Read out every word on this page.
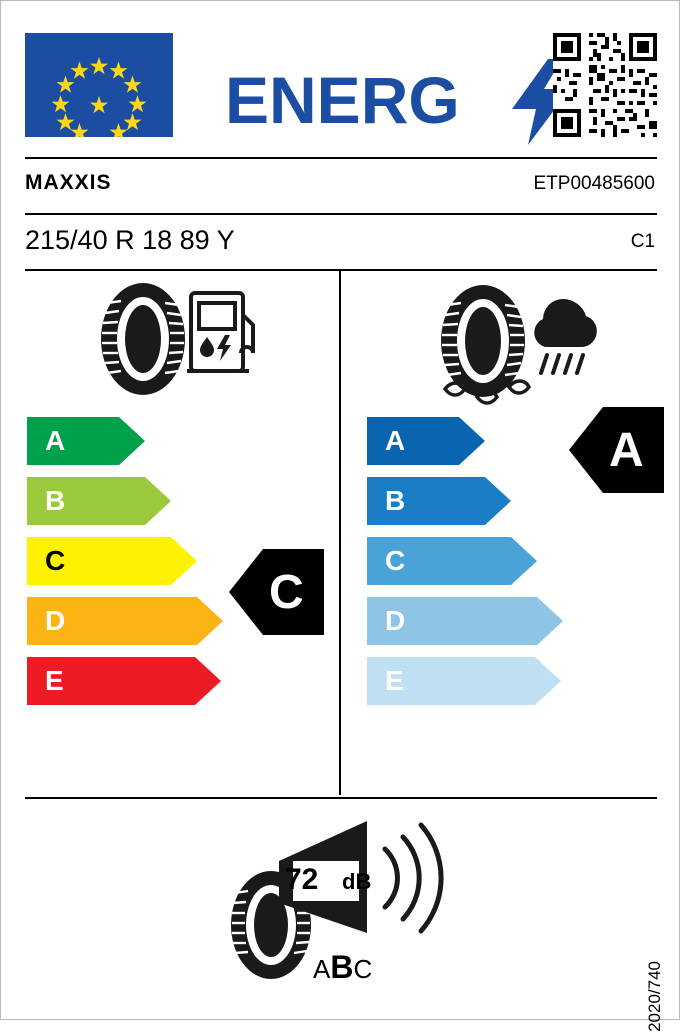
ENERG
MAXXIS	ETP00485600
215/40 R 18 89 Y	C1
A
B
C
D
E
C
A
B
C
D
E
A
72 dB
ABC	2020/740
